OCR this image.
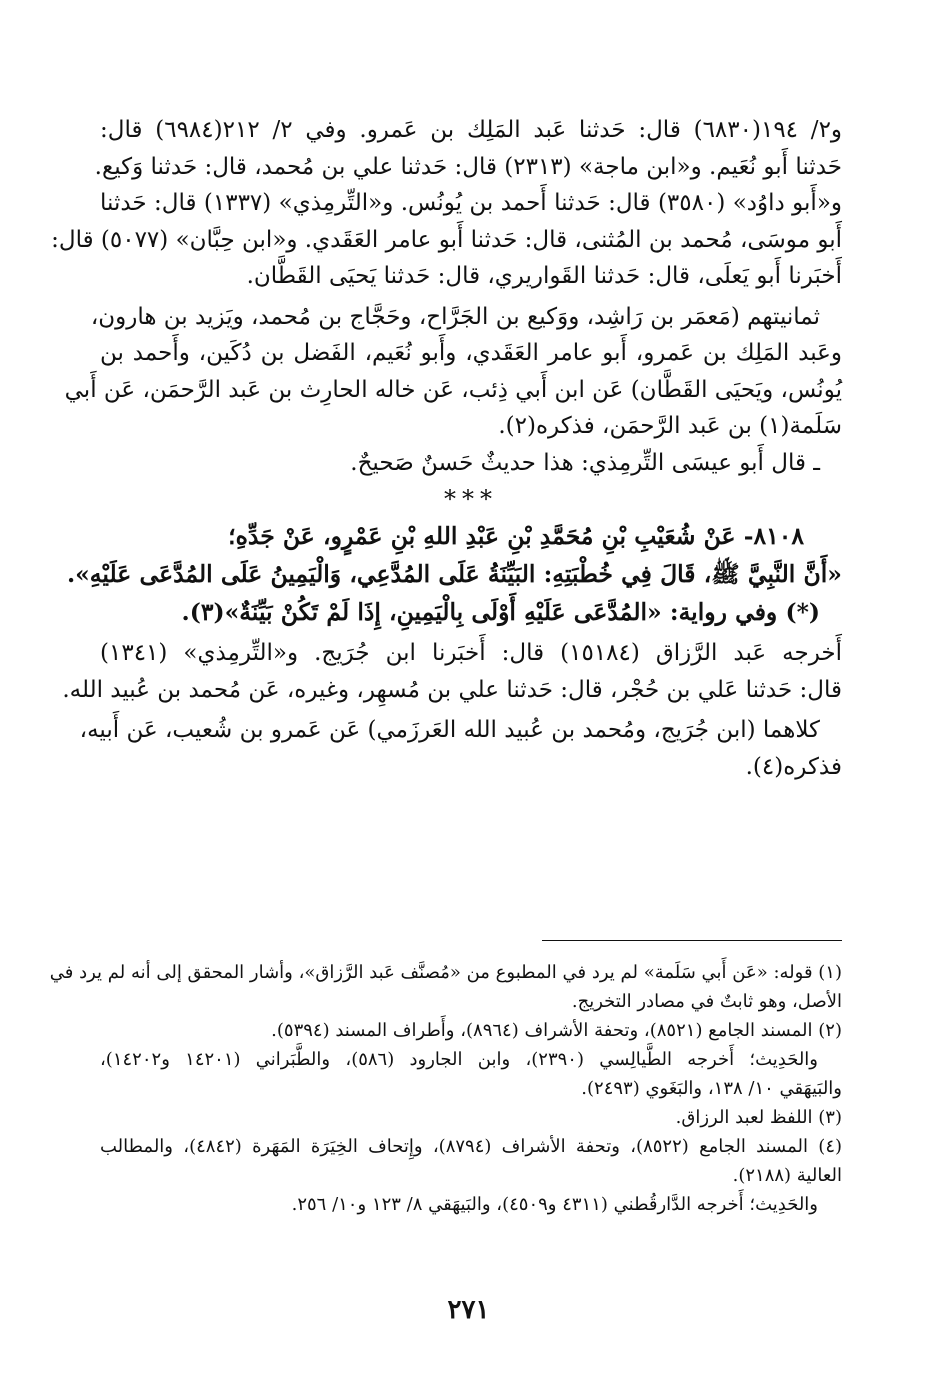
و٢/ ١٩٤(٦٨٣٠) قال: حَدثنا عَبد المَلِك بن عَمرو. وفي ٢/ ٢١٢(٦٩٨٤) قال:
حَدثنا أَبو نُعَيم. و«ابن ماجة» (٢٣١٣) قال: حَدثنا علي بن مُحمد، قال: حَدثنا وَكيع.
و«أَبو داوُد» (٣٥٨٠) قال: حَدثنا أَحمد بن يُونُس. و«التِّرمِذي» (١٣٣٧) قال: حَدثنا
أَبو موسَى، مُحمد بن المُثنى، قال: حَدثنا أَبو عامر العَقَدي. و«ابن حِبَّان» (٥٠٧٧) قال:
أَخبَرنا أَبو يَعلَى، قال: حَدثنا القَواريري، قال: حَدثنا يَحيَى القَطَّان.
ثمانيتهم (مَعمَر بن رَاشِد، ووَكيع بن الجَرَّاح، وحَجَّاج بن مُحمد، ويَزيد بن هارون،
وعَبد المَلِك بن عَمرو، أَبو عامر العَقَدي، وأَبو نُعَيم، الفَضل بن دُكَين، وأَحمد بن
يُونُس، ويَحيَى القَطَّان) عَن ابن أَبي ذِئب، عَن خاله الحارِث بن عَبد الرَّحمَن، عَن أَبي
سَلَمة(١) بن عَبد الرَّحمَن، فذكره(٢).
ـ قال أَبو عيسَى التِّرمِذي: هذا حديثٌ حَسنٌ صَحيحٌ.
***
٨١٠٨- عَنْ شُعَيْبِ بْنِ مُحَمَّدِ بْنِ عَبْدِ اللهِ بْنِ عَمْرٍو، عَنْ جَدِّهِ؛
«أَنَّ النَّبِيَّ ﷺ، قَالَ فِي خُطْبَتِهِ: البَيِّنَةُ عَلَى المُدَّعِي، وَالْيَمِينُ عَلَى المُدَّعَى عَلَيْهِ».
(*) وفي رواية: «المُدَّعَى عَلَيْهِ أَوْلَى بِالْيَمِينِ، إِذَا لَمْ تَكُنْ بَيِّنَةٌ»(٣).
أَخرجه عَبد الرَّزاق (١٥١٨٤) قال: أَخبَرنا ابن جُرَيج. و«التِّرمِذي» (١٣٤١)
قال: حَدثنا عَلي بن حُجْر، قال: حَدثنا علي بن مُسهِر، وغيره، عَن مُحمد بن عُبيد الله.
كلاهما (ابن جُرَيج، ومُحمد بن عُبيد الله العَرزَمي) عَن عَمرو بن شُعيب، عَن أَبيه،
فذكره(٤).
(١) قوله: «عَن أَبي سَلَمة» لم يرد في المطبوع من «مُصنَّف عَبد الرَّزاق»، وأشار المحقق إلى أنه لم يرد في
الأصل، وهو ثابتٌ في مصادر التخريج.
(٢) المسند الجامع (٨٥٢١)، وتحفة الأشراف (٨٩٦٤)، وأَطراف المسند (٥٣٩٤).
والحَدِيث؛ أَخرجه الطَّيالِسي (٢٣٩٠)، وابن الجارود (٥٨٦)، والطَّبَراني (١٤٢٠١ و١٤٢٠٢)،
والبَيهَقي ١٠/ ١٣٨، والبَغَوي (٢٤٩٣).
(٣) اللفظ لعبد الرزاق.
(٤) المسند الجامع (٨٥٢٢)، وتحفة الأشراف (٨٧٩٤)، وإِتحاف الخِيَرَة المَهَرة (٤٨٤٢)، والمطالب
العالية (٢١٨٨).
والحَدِيث؛ أَخرجه الدَّارقُطني (٤٣١١ و٤٥٠٩)، والبَيهَقي ٨/ ١٢٣ و١٠/ ٢٥٦.
٢٧١
